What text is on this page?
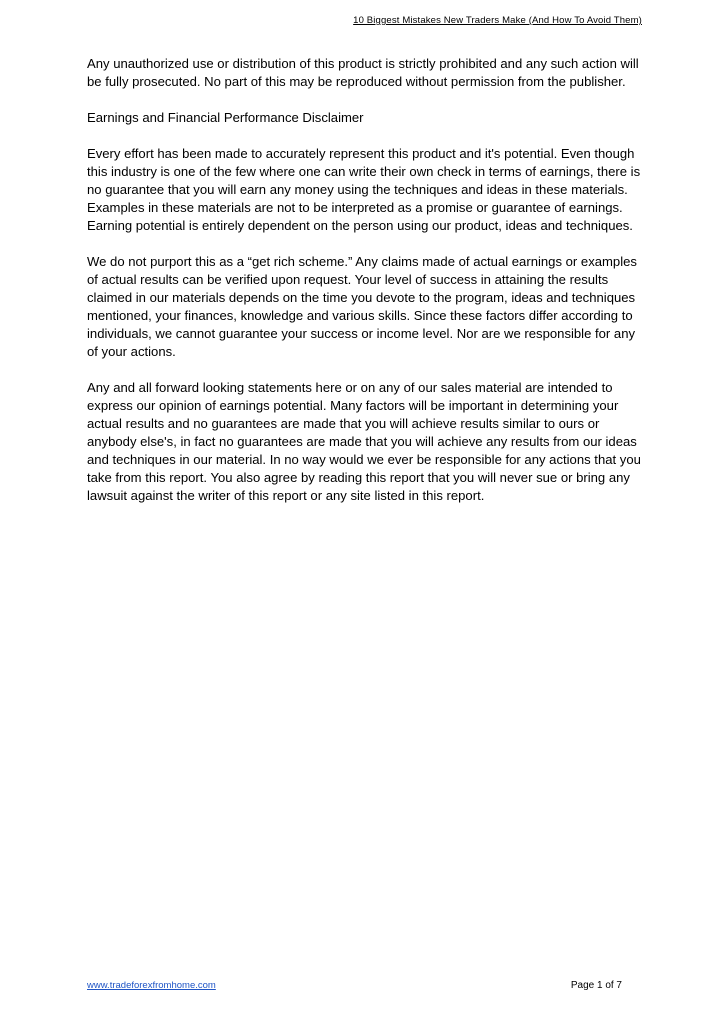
10 Biggest Mistakes New Traders Make (And How To Avoid Them)

Any unauthorized use or distribution of this product is strictly prohibited and any such action will be fully prosecuted. No part of this may be reproduced without permission from the publisher.

Earnings and Financial Performance Disclaimer

Every effort has been made to accurately represent this product and it's potential. Even though this industry is one of the few where one can write their own check in terms of earnings, there is no guarantee that you will earn any money using the techniques and ideas in these materials. Examples in these materials are not to be interpreted as a promise or guarantee of earnings. Earning potential is entirely dependent on the person using our product, ideas and techniques.

We do not purport this as a “get rich scheme.” Any claims made of actual earnings or examples of actual results can be verified upon request. Your level of success in attaining the results claimed in our materials depends on the time you devote to the program, ideas and techniques mentioned, your finances, knowledge and various skills. Since these factors differ according to individuals, we cannot guarantee your success or income level. Nor are we responsible for any of your actions.

Any and all forward looking statements here or on any of our sales material are intended to express our opinion of earnings potential. Many factors will be important in determining your actual results and no guarantees are made that you will achieve results similar to ours or anybody else's, in fact no guarantees are made that you will achieve any results from our ideas and techniques in our material. In no way would we ever be responsible for any actions that you take from this report. You also agree by reading this report that you will never sue or bring any lawsuit against the writer of this report or any site listed in this report.

www.tradeforexfromhome.com	Page 1 of 7
